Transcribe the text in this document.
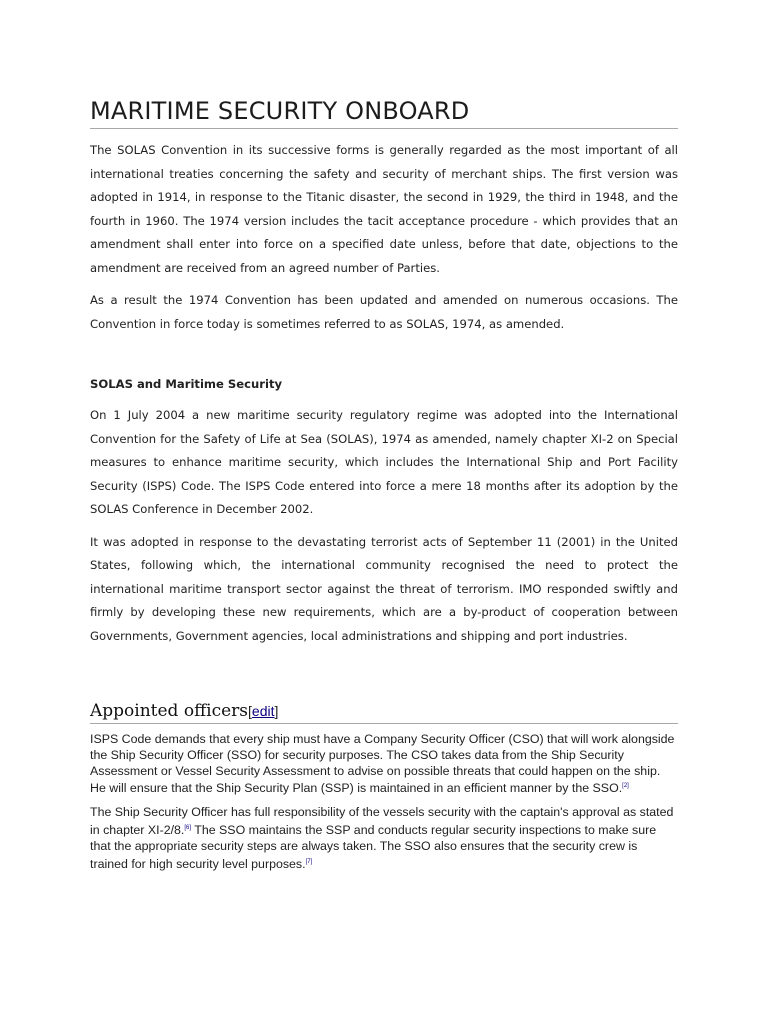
MARITIME SECURITY ONBOARD

The SOLAS Convention in its successive forms is generally regarded as the most important of all international treaties concerning the safety and security of merchant ships. The first version was adopted in 1914, in response to the Titanic disaster, the second in 1929, the third in 1948, and the fourth in 1960. The 1974 version includes the tacit acceptance procedure - which provides that an amendment shall enter into force on a specified date unless, before that date, objections to the amendment are received from an agreed number of Parties.

As a result the 1974 Convention has been updated and amended on numerous occasions. The Convention in force today is sometimes referred to as SOLAS, 1974, as amended.

SOLAS and Maritime Security

On 1 July 2004 a new maritime security regulatory regime was adopted into the International Convention for the Safety of Life at Sea (SOLAS), 1974 as amended, namely chapter XI-2 on Special measures to enhance maritime security, which includes the International Ship and Port Facility Security (ISPS) Code. The ISPS Code entered into force a mere 18 months after its adoption by the SOLAS Conference in December 2002.

It was adopted in response to the devastating terrorist acts of September 11 (2001) in the United States, following which, the international community recognised the need to protect the international maritime transport sector against the threat of terrorism. IMO responded swiftly and firmly by developing these new requirements, which are a by-product of cooperation between Governments, Government agencies, local administrations and shipping and port industries.

Appointed officers[edit]

ISPS Code demands that every ship must have a Company Security Officer (CSO) that will work alongside the Ship Security Officer (SSO) for security purposes. The CSO takes data from the Ship Security Assessment or Vessel Security Assessment to advise on possible threats that could happen on the ship. He will ensure that the Ship Security Plan (SSP) is maintained in an efficient manner by the SSO.[2]

The Ship Security Officer has full responsibility of the vessels security with the captain's approval as stated in chapter XI-2/8.[6] The SSO maintains the SSP and conducts regular security inspections to make sure that the appropriate security steps are always taken. The SSO also ensures that the security crew is trained for high security level purposes.[7]
